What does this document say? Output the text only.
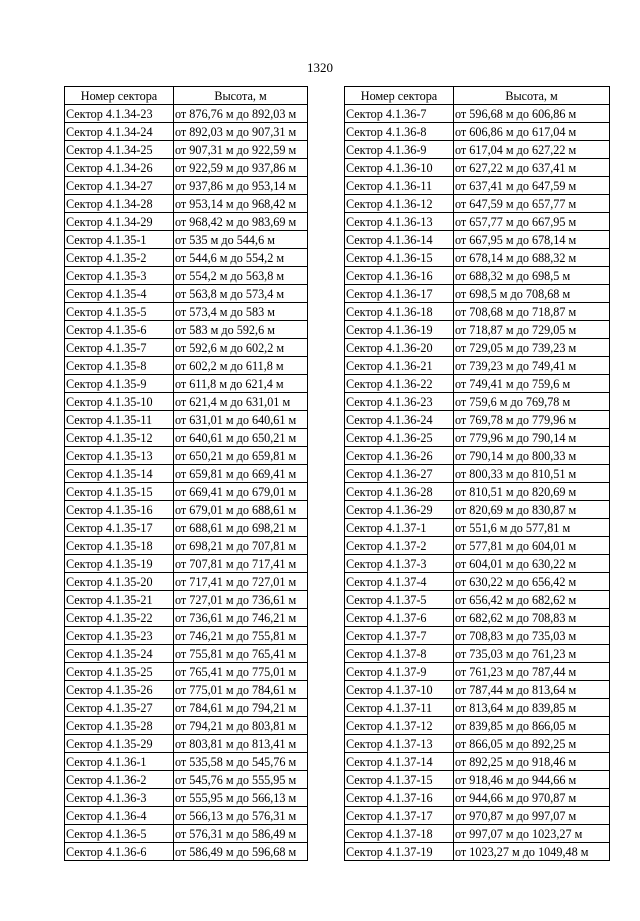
1320
Номер сектора	Высота, м
Сектор 4.1.34-23	от 876,76 м до 892,03 м
Сектор 4.1.34-24	от 892,03 м до 907,31 м
Сектор 4.1.34-25	от 907,31 м до 922,59 м
Сектор 4.1.34-26	от 922,59 м до 937,86 м
Сектор 4.1.34-27	от 937,86 м до 953,14 м
Сектор 4.1.34-28	от 953,14 м до 968,42 м
Сектор 4.1.34-29	от 968,42 м до 983,69 м
Сектор 4.1.35-1	от 535 м до 544,6 м
Сектор 4.1.35-2	от 544,6 м до 554,2 м
Сектор 4.1.35-3	от 554,2 м до 563,8 м
Сектор 4.1.35-4	от 563,8 м до 573,4 м
Сектор 4.1.35-5	от 573,4 м до 583 м
Сектор 4.1.35-6	от 583 м до 592,6 м
Сектор 4.1.35-7	от 592,6 м до 602,2 м
Сектор 4.1.35-8	от 602,2 м до 611,8 м
Сектор 4.1.35-9	от 611,8 м до 621,4 м
Сектор 4.1.35-10	от 621,4 м до 631,01 м
Сектор 4.1.35-11	от 631,01 м до 640,61 м
Сектор 4.1.35-12	от 640,61 м до 650,21 м
Сектор 4.1.35-13	от 650,21 м до 659,81 м
Сектор 4.1.35-14	от 659,81 м до 669,41 м
Сектор 4.1.35-15	от 669,41 м до 679,01 м
Сектор 4.1.35-16	от 679,01 м до 688,61 м
Сектор 4.1.35-17	от 688,61 м до 698,21 м
Сектор 4.1.35-18	от 698,21 м до 707,81 м
Сектор 4.1.35-19	от 707,81 м до 717,41 м
Сектор 4.1.35-20	от 717,41 м до 727,01 м
Сектор 4.1.35-21	от 727,01 м до 736,61 м
Сектор 4.1.35-22	от 736,61 м до 746,21 м
Сектор 4.1.35-23	от 746,21 м до 755,81 м
Сектор 4.1.35-24	от 755,81 м до 765,41 м
Сектор 4.1.35-25	от 765,41 м до 775,01 м
Сектор 4.1.35-26	от 775,01 м до 784,61 м
Сектор 4.1.35-27	от 784,61 м до 794,21 м
Сектор 4.1.35-28	от 794,21 м до 803,81 м
Сектор 4.1.35-29	от 803,81 м до 813,41 м
Сектор 4.1.36-1	от 535,58 м до 545,76 м
Сектор 4.1.36-2	от 545,76 м до 555,95 м
Сектор 4.1.36-3	от 555,95 м до 566,13 м
Сектор 4.1.36-4	от 566,13 м до 576,31 м
Сектор 4.1.36-5	от 576,31 м до 586,49 м
Сектор 4.1.36-6	от 586,49 м до 596,68 м
Номер сектора	Высота, м
Сектор 4.1.36-7	от 596,68 м до 606,86 м
Сектор 4.1.36-8	от 606,86 м до 617,04 м
Сектор 4.1.36-9	от 617,04 м до 627,22 м
Сектор 4.1.36-10	от 627,22 м до 637,41 м
Сектор 4.1.36-11	от 637,41 м до 647,59 м
Сектор 4.1.36-12	от 647,59 м до 657,77 м
Сектор 4.1.36-13	от 657,77 м до 667,95 м
Сектор 4.1.36-14	от 667,95 м до 678,14 м
Сектор 4.1.36-15	от 678,14 м до 688,32 м
Сектор 4.1.36-16	от 688,32 м до 698,5 м
Сектор 4.1.36-17	от 698,5 м до 708,68 м
Сектор 4.1.36-18	от 708,68 м до 718,87 м
Сектор 4.1.36-19	от 718,87 м до 729,05 м
Сектор 4.1.36-20	от 729,05 м до 739,23 м
Сектор 4.1.36-21	от 739,23 м до 749,41 м
Сектор 4.1.36-22	от 749,41 м до 759,6 м
Сектор 4.1.36-23	от 759,6 м до 769,78 м
Сектор 4.1.36-24	от 769,78 м до 779,96 м
Сектор 4.1.36-25	от 779,96 м до 790,14 м
Сектор 4.1.36-26	от 790,14 м до 800,33 м
Сектор 4.1.36-27	от 800,33 м до 810,51 м
Сектор 4.1.36-28	от 810,51 м до 820,69 м
Сектор 4.1.36-29	от 820,69 м до 830,87 м
Сектор 4.1.37-1	от 551,6 м до 577,81 м
Сектор 4.1.37-2	от 577,81 м до 604,01 м
Сектор 4.1.37-3	от 604,01 м до 630,22 м
Сектор 4.1.37-4	от 630,22 м до 656,42 м
Сектор 4.1.37-5	от 656,42 м до 682,62 м
Сектор 4.1.37-6	от 682,62 м до 708,83 м
Сектор 4.1.37-7	от 708,83 м до 735,03 м
Сектор 4.1.37-8	от 735,03 м до 761,23 м
Сектор 4.1.37-9	от 761,23 м до 787,44 м
Сектор 4.1.37-10	от 787,44 м до 813,64 м
Сектор 4.1.37-11	от 813,64 м до 839,85 м
Сектор 4.1.37-12	от 839,85 м до 866,05 м
Сектор 4.1.37-13	от 866,05 м до 892,25 м
Сектор 4.1.37-14	от 892,25 м до 918,46 м
Сектор 4.1.37-15	от 918,46 м до 944,66 м
Сектор 4.1.37-16	от 944,66 м до 970,87 м
Сектор 4.1.37-17	от 970,87 м до 997,07 м
Сектор 4.1.37-18	от 997,07 м до 1023,27 м
Сектор 4.1.37-19	от 1023,27 м до 1049,48 м
